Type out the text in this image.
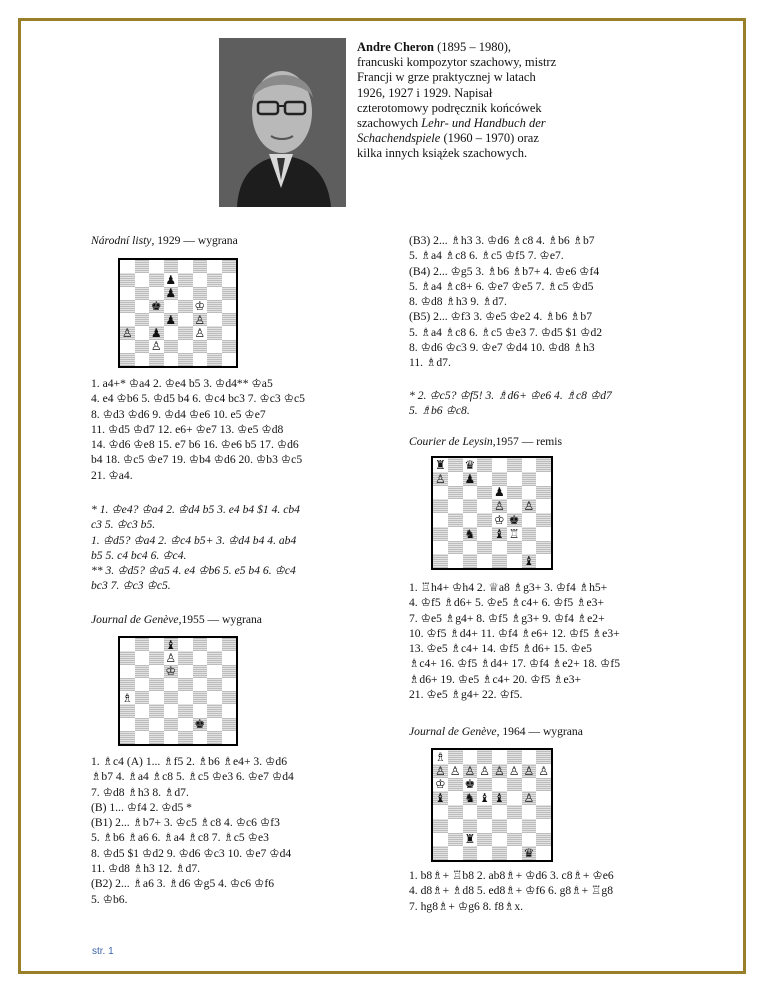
Andre Cheron (1895 – 1980), francuski kompozytor szachowy, mistrz Francji w grze praktycznej w latach 1926, 1927 i 1929. Napisał czterotomowy podręcznik końcówek szachowych Lehr- und Handbuch der Schachendspiele (1960 – 1970) oraz kilka innych książek szachowych.
Národní listy, 1929 — wygrana
♟
♟
♚	♔
♟ ♙
♙ ♟	♙
♙
1. a4+* ♔a4 2. ♔e4 b5 3. ♔d4** ♔a5
4. e4 ♔b6 5. ♔d5 b4 6. ♔c4 bc3 7. ♔c3 ♔c5
8. ♔d3 ♔d6 9. ♔d4 ♔e6 10. e5 ♔e7
11. ♔d5 ♔d7 12. e6+ ♔e7 13. ♔e5 ♔d8
14. ♔d6 ♔e8 15. e7 b6 16. ♔e6 b5 17. ♔d6
b4 18. ♔c5 ♔e7 19. ♔b4 ♔d6 20. ♔b3 ♔c5
21. ♔a4.
* 1. ♔e4? ♔a4 2. ♔d4 b5 3. e4 b4 $1 4. cb4
c3 5. ♔c3 b5.
1. ♔d5? ♔a4 2. ♔c4 b5+ 3. ♔d4 b4 4. ab4
b5 5. c4 bc4 6. ♔c4.
** 3. ♔d5? ♔a5 4. e4 ♔b6 5. e5 b4 6. ♔c4
bc3 7. ♔c3 ♔c5.
Journal de Genève,1955 — wygrana
♝
♙
♔
♗
♚
1. ♗c4 (A) 1... ♗f5 2. ♗b6 ♗e4+ 3. ♔d6
♗b7 4. ♗a4 ♗c8 5. ♗c5 ♔e3 6. ♔e7 ♔d4
7. ♔d8 ♗h3 8. ♗d7.
(B) 1... ♔f4 2. ♔d5 *
(B1) 2... ♗b7+ 3. ♔c5 ♗c8 4. ♔c6 ♔f3
5. ♗b6 ♗a6 6. ♗a4 ♗c8 7. ♗c5 ♔e3
8. ♔d5 $1 ♔d2 9. ♔d6 ♔c3 10. ♔e7 ♔d4
11. ♔d8 ♗h3 12. ♗d7.
(B2) 2... ♗a6 3. ♗d6 ♔g5 4. ♔c6 ♔f6
5. ♔b6.
(B3) 2... ♗h3 3. ♔d6 ♗c8 4. ♗b6 ♗b7
5. ♗a4 ♗c8 6. ♗c5 ♔f5 7. ♔e7.
(B4) 2... ♔g5 3. ♗b6 ♗b7+ 4. ♔e6 ♔f4
5. ♗a4 ♗c8+ 6. ♔e7 ♔e5 7. ♗c5 ♔d5
8. ♔d8 ♗h3 9. ♗d7.
(B5) 2... ♔f3 3. ♔e5 ♔e2 4. ♗b6 ♗b7
5. ♗a4 ♗c8 6. ♗c5 ♔e3 7. ♔d5 $1 ♔d2
8. ♔d6 ♔c3 9. ♔e7 ♔d4 10. ♔d8 ♗h3
11. ♗d7.
* 2. ♔c5? ♔f5! 3. ♗d6+ ♔e6 4. ♗c8 ♔d7
5. ♗b6 ♔c8.
Courier de Leysin,1957 — remis
♜ ♛
♙ ♟
♟
♙ ♙
♔ ♚
♞ ♝ ♖
♝
1. ♖h4+ ♔h4 2. ♕a8 ♗g3+ 3. ♔f4 ♗h5+
4. ♔f5 ♗d6+ 5. ♔e5 ♗c4+ 6. ♔f5 ♗e3+
7. ♔e5 ♗g4+ 8. ♔f5 ♗g3+ 9. ♔f4 ♗e2+
10. ♔f5 ♗d4+ 11. ♔f4 ♗e6+ 12. ♔f5 ♗e3+
13. ♔e5 ♗c4+ 14. ♔f5 ♗d6+ 15. ♔e5
♗c4+ 16. ♔f5 ♗d4+ 17. ♔f4 ♗e2+ 18. ♔f5
♗d6+ 19. ♔e5 ♗c4+ 20. ♔f5 ♗e3+
21. ♔e5 ♗g4+ 22. ♔f5.
Journal de Genève, 1964 — wygrana
♗
♙ ♙ ♙ ♙ ♙ ♙ ♙ ♙
♔ ♚
♝ ♞ ♝ ♝ ♙
♜
♛
1. b8♗+ ♖b8 2. ab8♗+ ♔d6 3. c8♗+ ♔e6
4. d8♗+ ♗d8 5. ed8♗+ ♔f6 6. g8♗+ ♖g8
7. hg8♗+ ♔g6 8. f8♗x.
str. 1
